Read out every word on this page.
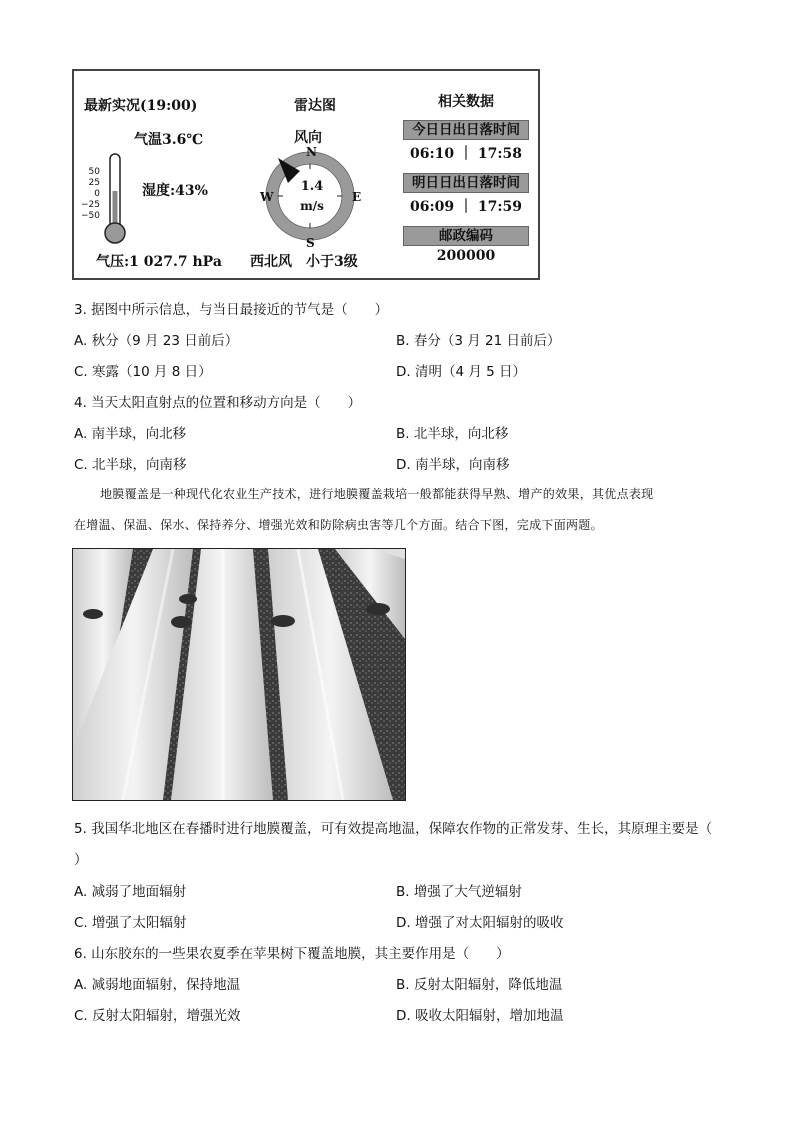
最新实况(19:00)
气温3.6℃
50
25
0
−25
−50
湿度:43%
气压:1 027.7 hPa
雷达图
风向
N
S
E
W
1.4
m/s
西北风　小于3级
相关数据
今日日出日落时间
06:10 ｜ 17:58
明日日出日落时间
06:09 ｜ 17:59
邮政编码
200000
3. 据图中所示信息，与当日最接近的节气是（　　）
A. 秋分（9 月 23 日前后）	B. 春分（3 月 21 日前后）
C. 寒露（10 月 8 日）	D. 清明（4 月 5 日）
4. 当天太阳直射点的位置和移动方向是（　　）
A. 南半球，向北移	B. 北半球，向北移
C. 北半球，向南移	D. 南半球，向南移
地膜覆盖是一种现代化农业生产技术，进行地膜覆盖栽培一般都能获得早熟、增产的效果，其优点表现
在增温、保温、保水、保持养分、增强光效和防除病虫害等几个方面。结合下图，完成下面两题。
5. 我国华北地区在春播时进行地膜覆盖，可有效提高地温，保障农作物的正常发芽、生长，其原理主要是（
）
A. 减弱了地面辐射	B. 增强了大气逆辐射
C. 增强了太阳辐射	D. 增强了对太阳辐射的吸收
6. 山东胶东的一些果农夏季在苹果树下覆盖地膜，其主要作用是（　　）
A. 减弱地面辐射，保持地温	B. 反射太阳辐射，降低地温
C. 反射太阳辐射，增强光效	D. 吸收太阳辐射，增加地温
